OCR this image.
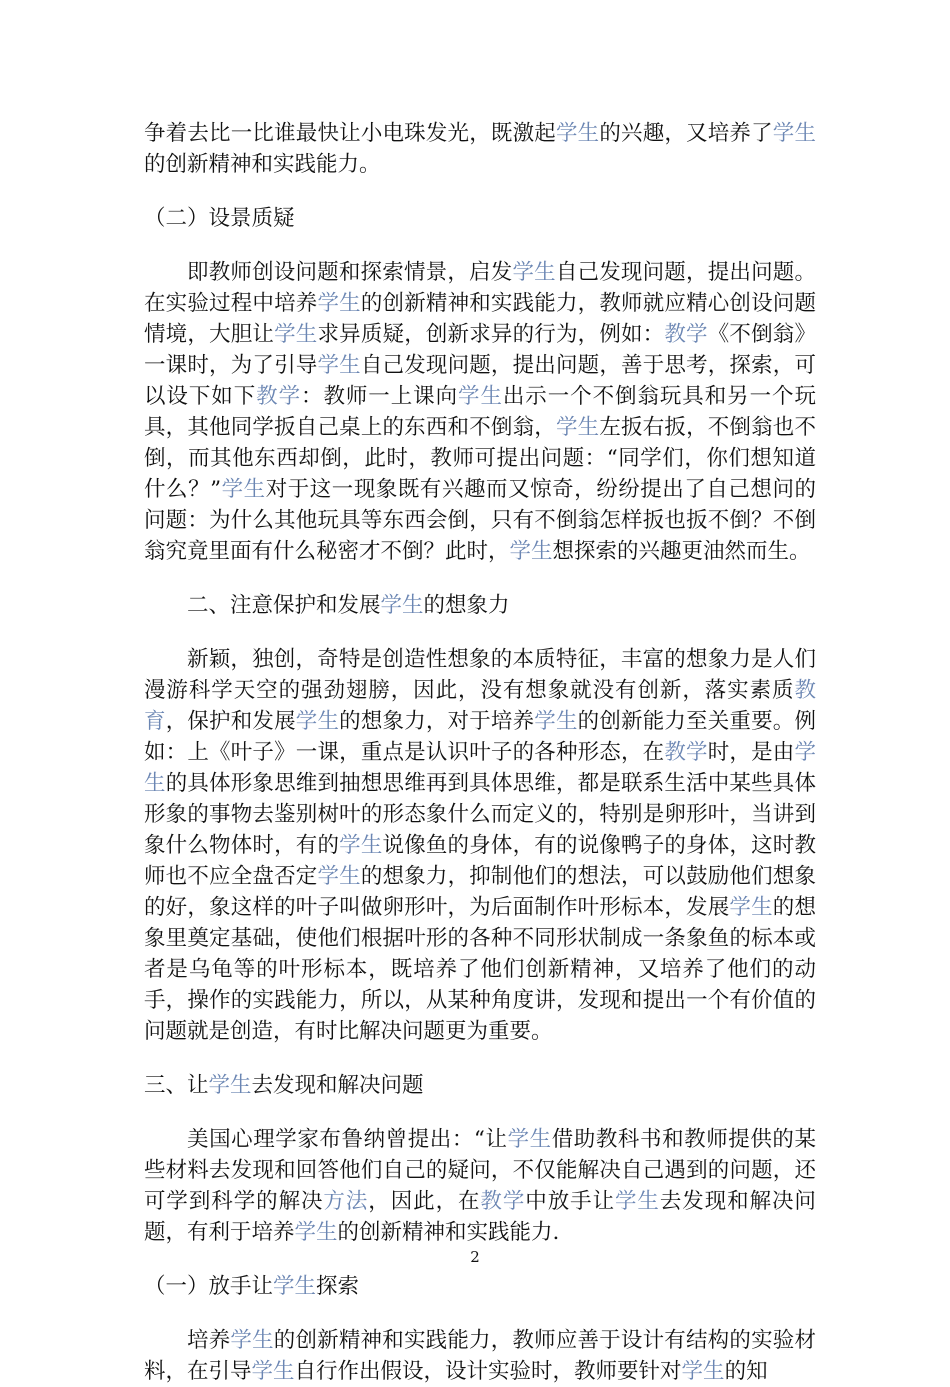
争着去比一比谁最快让小电珠发光，既激起学生的兴趣，又培养了学生的创新精神和实践能力。

（二）设景质疑

即教师创设问题和探索情景，启发学生自己发现问题，提出问题。在实验过程中培养学生的创新精神和实践能力，教师就应精心创设问题情境，大胆让学生求异质疑，创新求异的行为，例如：教学《不倒翁》一课时，为了引导学生自己发现问题，提出问题，善于思考，探索，可以设下如下教学：教师一上课向学生出示一个不倒翁玩具和另一个玩具，其他同学扳自己桌上的东西和不倒翁，学生左扳右扳，不倒翁也不倒，而其他东西却倒，此时，教师可提出问题：“同学们，你们想知道什么？”学生对于这一现象既有兴趣而又惊奇，纷纷提出了自己想问的问题：为什么其他玩具等东西会倒，只有不倒翁怎样扳也扳不倒？不倒翁究竟里面有什么秘密才不倒？此时，学生想探索的兴趣更油然而生。

二、注意保护和发展学生的想象力

新颖，独创，奇特是创造性想象的本质特征，丰富的想象力是人们漫游科学天空的强劲翅膀，因此，没有想象就没有创新，落实素质教育，保护和发展学生的想象力，对于培养学生的创新能力至关重要。例如：上《叶子》一课，重点是认识叶子的各种形态，在教学时，是由学生的具体形象思维到抽想思维再到具体思维，都是联系生活中某些具体形象的事物去鉴别树叶的形态象什么而定义的，特别是卵形叶，当讲到象什么物体时，有的学生说像鱼的身体，有的说像鸭子的身体，这时教师也不应全盘否定学生的想象力，抑制他们的想法，可以鼓励他们想象的好，象这样的叶子叫做卵形叶，为后面制作叶形标本，发展学生的想象里奠定基础，使他们根据叶形的各种不同形状制成一条象鱼的标本或者是乌龟等的叶形标本，既培养了他们创新精神，又培养了他们的动手，操作的实践能力，所以，从某种角度讲，发现和提出一个有价值的问题就是创造，有时比解决问题更为重要。

三、让学生去发现和解决问题

美国心理学家布鲁纳曾提出：“让学生借助教科书和教师提供的某些材料去发现和回答他们自己的疑问，不仅能解决自己遇到的问题，还可学到科学的解决方法，因此，在教学中放手让学生去发现和解决问题，有利于培养学生的创新精神和实践能力.

（一）放手让学生探索

培养学生的创新精神和实践能力，教师应善于设计有结构的实验材料，在引导学生自行作出假设，设计实验时，教师要针对学生的知

2
